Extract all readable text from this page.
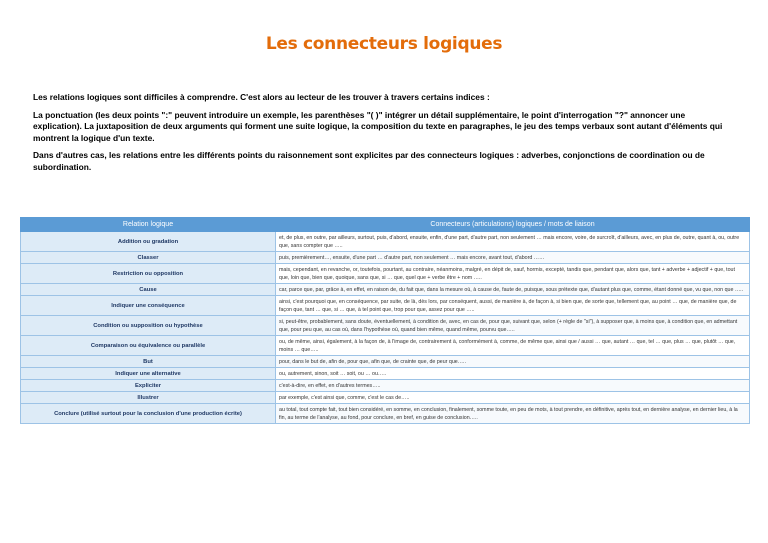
Les connecteurs logiques

Les relations logiques sont difficiles à comprendre. C'est alors au lecteur de les trouver à travers certains indices :

La ponctuation (les deux points ":" peuvent introduire un exemple, les parenthèses "( )" intégrer un détail supplémentaire, le point d'interrogation "?" annoncer une explication). La juxtaposition de deux arguments qui forment une suite logique, la composition du texte en paragraphes, le jeu des temps verbaux sont autant d'éléments qui montrent la logique d'un texte.

Dans d'autres cas, les relations entre les différents points du raisonnement sont explicites par des connecteurs logiques : adverbes, conjonctions de coordination ou de subordination.

Relation logique	Connecteurs (articulations) logiques / mots de liaison
Addition ou gradation	et, de plus, en outre, par ailleurs, surtout, puis, d'abord, ensuite, enfin, d'une part, d'autre part, non seulement … mais encore, voire, de surcroît, d'ailleurs, avec, en plus de, outre, quant à, ou, outre que, sans compter que …..
Classer	puis, premièrement…, ensuite, d'une part … d'autre part, non seulement … mais encore, avant tout, d'abord ……
Restriction ou opposition	mais, cependant, en revanche, or, toutefois, pourtant, au contraire, néanmoins, malgré, en dépit de, sauf, hormis, excepté, tandis que, pendant que, alors que, tant + adverbe + adjectif + que, tout que, loin que, bien que, quoique, sans que, si … que, quel que + verbe être + nom …..
Cause	car, parce que, par, grâce à, en effet, en raison de, du fait que, dans la mesure où, à cause de, faute de, puisque, sous prétexte que, d'autant plus que, comme, étant donné que, vu que, non que …..
Indiquer une conséquence	ainsi, c'est pourquoi que, en conséquence, par suite, de là, dès lors, par conséquent, aussi, de manière à, de façon à, si bien que, de sorte que, tellement que, au point … que, de manière que, de façon que, tant … que, si … que, à tel point que, trop pour que, assez pour que …..
Condition ou supposition ou hypothèse	si, peut-être, probablement, sans doute, éventuellement, à condition de, avec, en cas de, pour que, suivant que, selon (+ règle de "si"), à supposer que, à moins que, à condition que, en admettant que, pour peu que, au cas où, dans l'hypothèse où, quand bien même, quand même, pourvu que…..
Comparaison ou équivalence ou parallèle	ou, de même, ainsi, également, à la façon de, à l'image de, contrairement à, conformément à, comme, de même que, ainsi que / aussi … que, autant … que, tel … que, plus … que, plutôt … que, moins … que…..
But	pour, dans le but de, afin de, pour que, afin que, de crainte que, de peur que…..
Indiquer une alternative	ou, autrement, sinon, soit … soit, ou … ou…..
Expliciter	c'est-à-dire, en effet, en d'autres termes…..
Illustrer	par exemple, c'est ainsi que, comme, c'est le cas de…..
Conclure (utilisé surtout pour la conclusion d'une production écrite)	au total, tout compte fait, tout bien considéré, en somme, en conclusion, finalement, somme toute, en peu de mots, à tout prendre, en définitive, après tout, en dernière analyse, en dernier lieu, à la fin, au terme de l'analyse, au fond, pour conclure, en bref, en guise de conclusion…..
